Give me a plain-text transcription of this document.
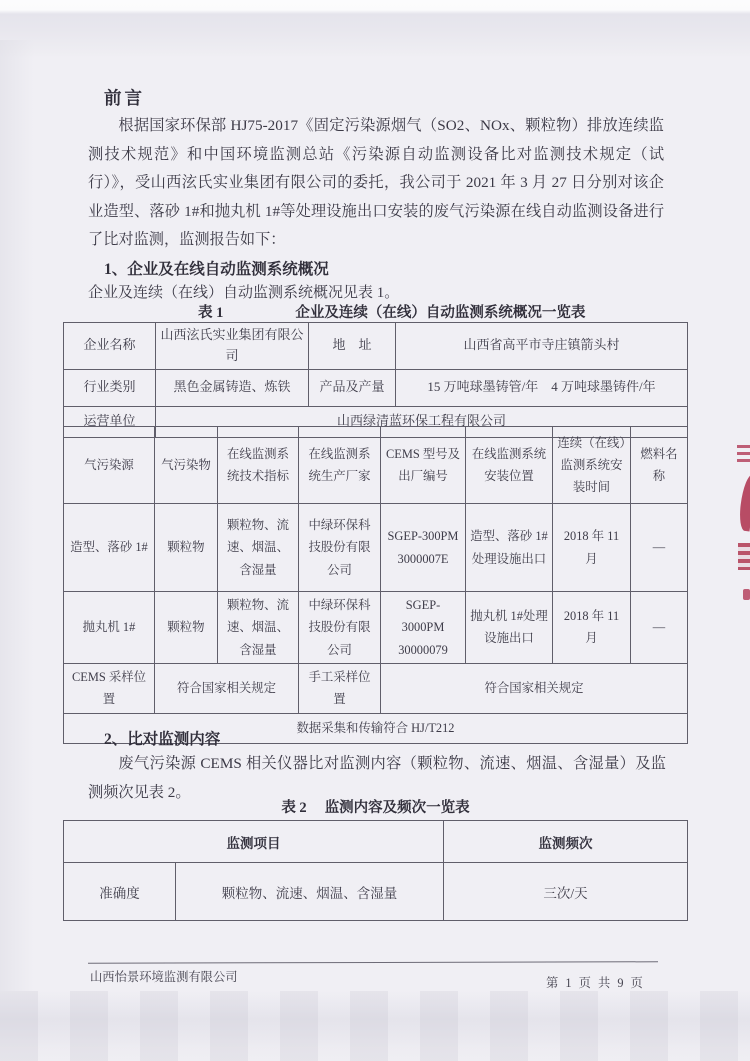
前言
根据国家环保部 HJ75-2017《固定污染源烟气（SO2、NOx、颗粒物）排放连续监测技术规范》和中国环境监测总站《污染源自动监测设备比对监测技术规定（试行）》，受山西泫氏实业集团有限公司的委托，我公司于 2021 年 3 月 27 日分别对该企业造型、落砂 1#和抛丸机 1#等处理设施出口安装的废气污染源在线自动监测设备进行了比对监测，监测报告如下：
1、企业及在线自动监测系统概况
企业及连续（在线）自动监测系统概况见表 1。
表 1	企业及连续（在线）自动监测系统概况一览表
企业名称	山西泫氏实业集团有限公司	地　址	山西省高平市寺庄镇箭头村
行业类别	黑色金属铸造、炼铁	产品及产量	15 万吨球墨铸管/年　4 万吨球墨铸件/年
运营单位	山西绿清蓝环保工程有限公司		
气污染源	气污染物	在线监测系统技术指标	在线监测系统生产厂家	CEMS 型号及出厂编号	在线监测系统安装位置	连续（在线）监测系统安装时间	燃料名称
造型、落砂 1#	颗粒物	颗粒物、流速、烟温、含湿量	中绿环保科技股份有限公司	SGEP-300PM 3000007E	造型、落砂 1# 处理设施出口	2018 年 11 月	—
抛丸机 1#	颗粒物	颗粒物、流速、烟温、含湿量	中绿环保科技股份有限公司	SGEP-3000PM 30000079	抛丸机 1#处理 设施出口	2018 年 11 月	—
CEMS 采样位置	符合国家相关规定		手工采样位置	符合国家相关规定			
数据采集和传输符合 HJ/T212							
2、比对监测内容
废气污染源 CEMS 相关仪器比对监测内容（颗粒物、流速、烟温、含湿量）及监测频次见表 2。
表 2 监测内容及频次一览表
监测项目		监测频次
准确度	颗粒物、流速、烟温、含湿量	三次/天
山西怡景环境监测有限公司	第 1 页 共 9 页
